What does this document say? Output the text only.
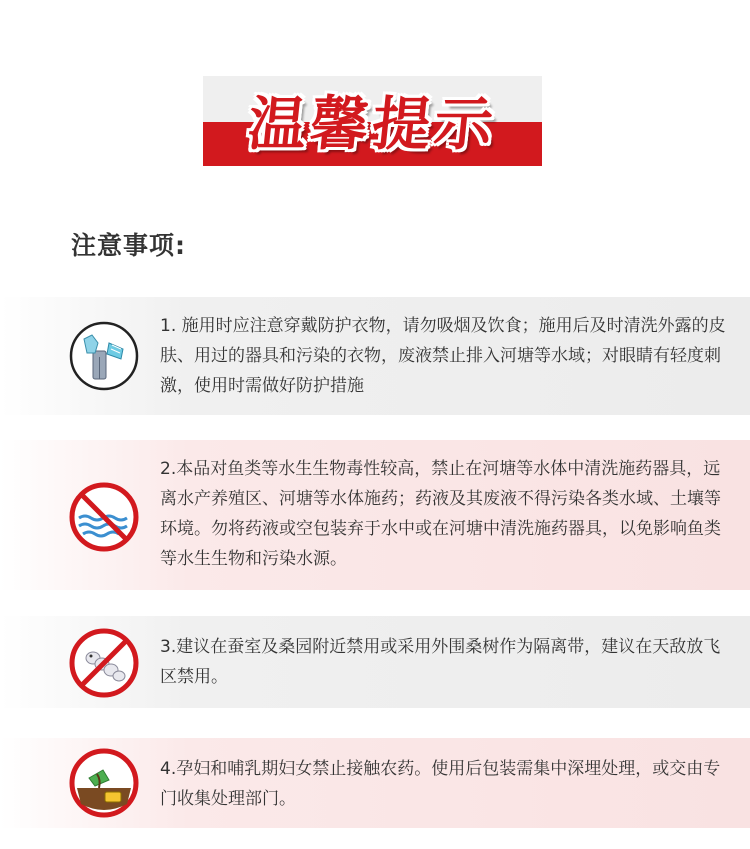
温馨提示
注意事项:
1. 施用时应注意穿戴防护衣物，请勿吸烟及饮食；施用后及时清洗外露的皮肤、用过的器具和污染的衣物，废液禁止排入河塘等水域；对眼睛有轻度刺激，使用时需做好防护措施
2.本品对鱼类等水生生物毒性较高，禁止在河塘等水体中清洗施药器具，远离水产养殖区、河塘等水体施药；药液及其废液不得污染各类水域、土壤等环境。勿将药液或空包装弃于水中或在河塘中清洗施药器具，以免影响鱼类等水生生物和污染水源。
3.建议在蚕室及桑园附近禁用或采用外围桑树作为隔离带，建议在天敌放飞区禁用。
4.孕妇和哺乳期妇女禁止接触农药。使用后包装需集中深埋处理，或交由专门收集处理部门。
